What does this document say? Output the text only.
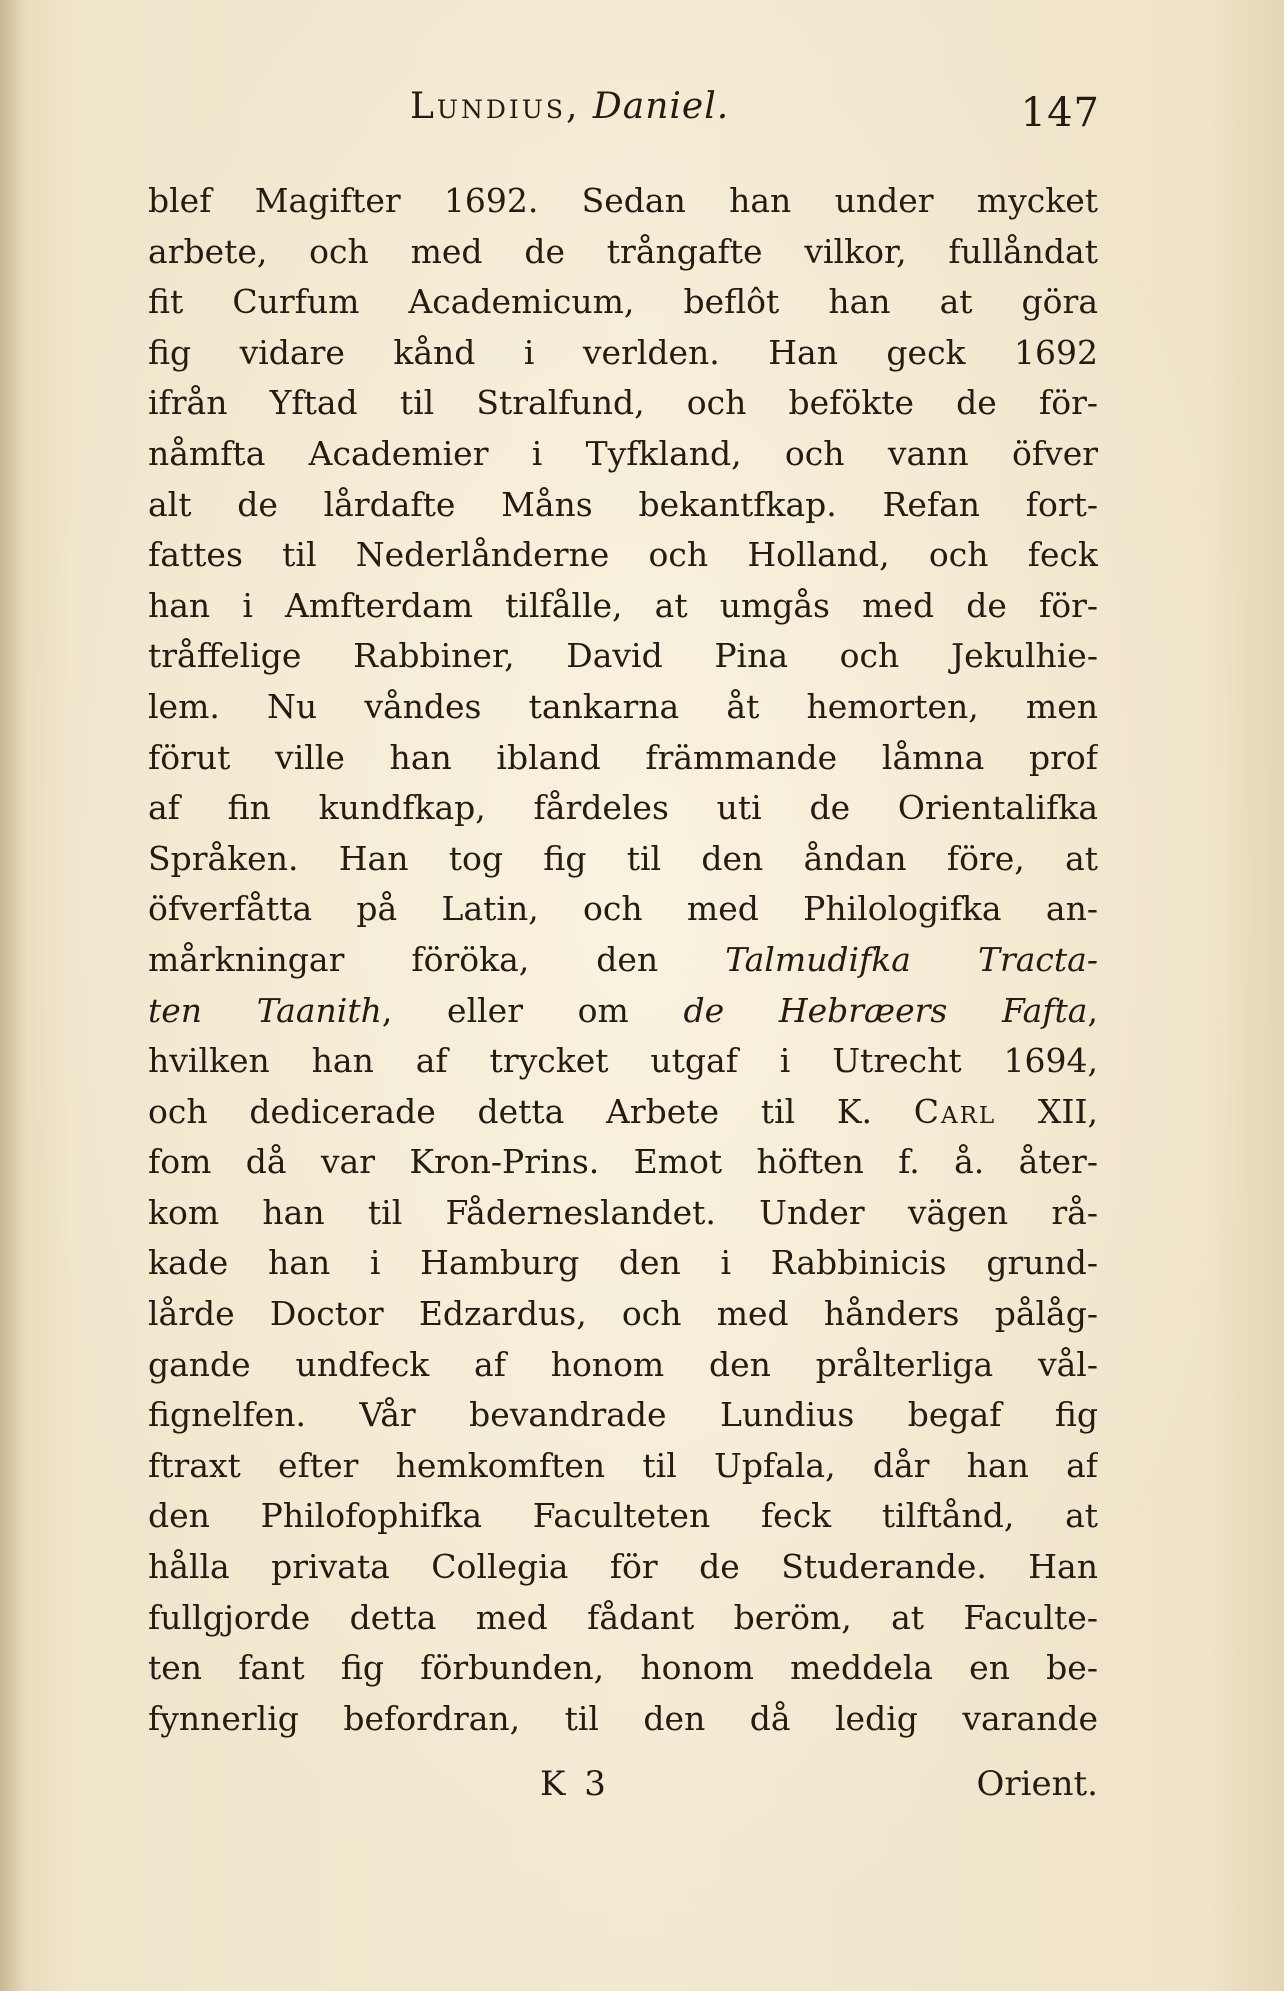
Lundius, Daniel.	147
blef Magifter 1692. Sedan han under mycket
arbete, och med de trångafte vilkor, fullåndat
fit Curfum Academicum, beflôt han at göra
fig vidare kånd i verlden. Han geck 1692
ifrån Yftad til Stralfund, och befökte de för-
nåmfta Academier i Tyfkland, och vann öfver
alt de lårdafte Måns bekantfkap. Refan fort-
fattes til Nederlånderne och Holland, och feck
han i Amfterdam tilfålle, at umgås med de för-
tråffelige Rabbiner, David Pina och Jekulhie-
lem. Nu våndes tankarna åt hemorten, men
förut ville han ibland främmande låmna prof
af fin kundfkap, fårdeles uti de Orientalifka
Språken. Han tog fig til den åndan före, at
öfverfåtta på Latin, och med Philologifka an-
mårkningar föröka, den Talmudifka Tracta-
ten Taanith, eller om de Hebræers Fafta,
hvilken han af trycket utgaf i Utrecht 1694,
och dedicerade detta Arbete til K. Carl XII,
fom då var Kron-Prins. Emot höften f. å. åter-
kom han til Fåderneslandet. Under vägen rå-
kade han i Hamburg den i Rabbinicis grund-
lårde Doctor Edzardus, och med hånders pålåg-
gande undfeck af honom den prålterliga vål-
fignelfen. Vår bevandrade Lundius begaf fig
ftraxt efter hemkomften til Upfala, dår han af
den Philofophifka Faculteten feck tilftånd, at
hålla privata Collegia för de Studerande. Han
fullgjorde detta med fådant beröm, at Faculte-
ten fant fig förbunden, honom meddela en be-
fynnerlig befordran, til den då ledig varande
K 3	Orient.
